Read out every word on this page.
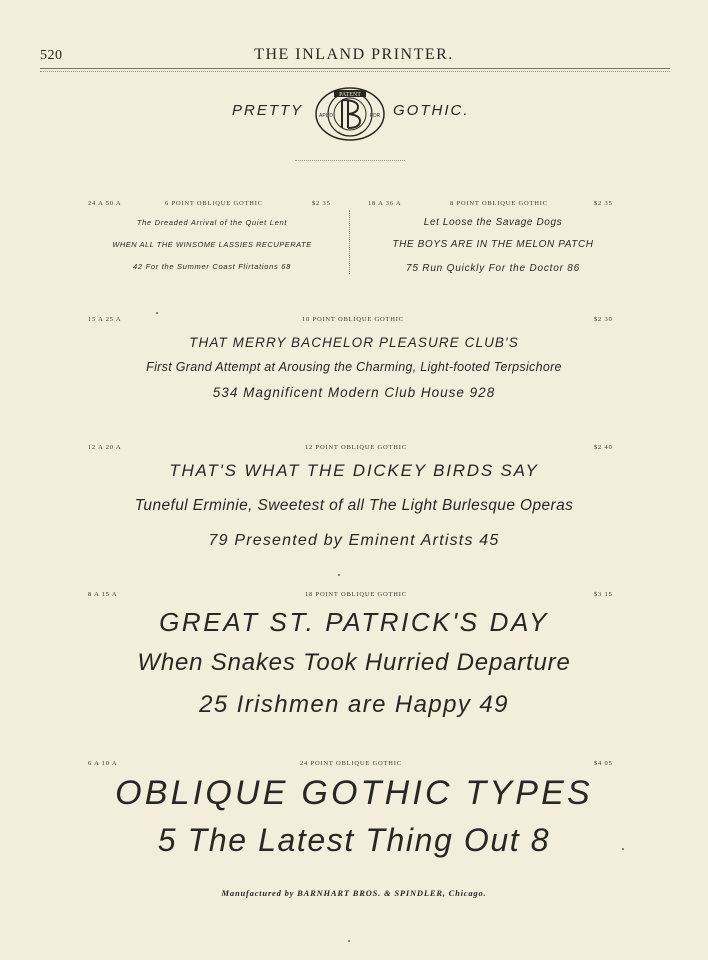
520	THE INLAND PRINTER.
PRETTY
PATENT
APL'D	FOR GOTHIC.
24 A 50 A	6 POINT OBLIQUE GOTHIC	$2 35
The Dreaded Arrival of the Quiet Lent
WHEN ALL THE WINSOME LASSIES RECUPERATE
42 For the Summer Coast Flirtations 68
18 A 36 A	8 POINT OBLIQUE GOTHIC	$2 35
Let Loose the Savage Dogs
THE BOYS ARE IN THE MELON PATCH
75 Run Quickly For the Doctor 86
15 A 25 A	10 POINT OBLIQUE GOTHIC	$2 30
THAT MERRY BACHELOR PLEASURE CLUB'S
First Grand Attempt at Arousing the Charming, Light-footed Terpsichore
534 Magnificent Modern Club House 928
12 A 20 A	12 POINT OBLIQUE GOTHIC	$2 40
THAT'S WHAT THE DICKEY BIRDS SAY
Tuneful Erminie, Sweetest of all The Light Burlesque Operas
79 Presented by Eminent Artists 45
8 A 15 A	18 POINT OBLIQUE GOTHIC	$3 15
GREAT ST. PATRICK'S DAY
When Snakes Took Hurried Departure
25 Irishmen are Happy 49
6 A 10 A	24 POINT OBLIQUE GOTHIC	$4 05
OBLIQUE GOTHIC TYPES
5 The Latest Thing Out 8
Manufactured by BARNHART BROS. & SPINDLER, Chicago.
